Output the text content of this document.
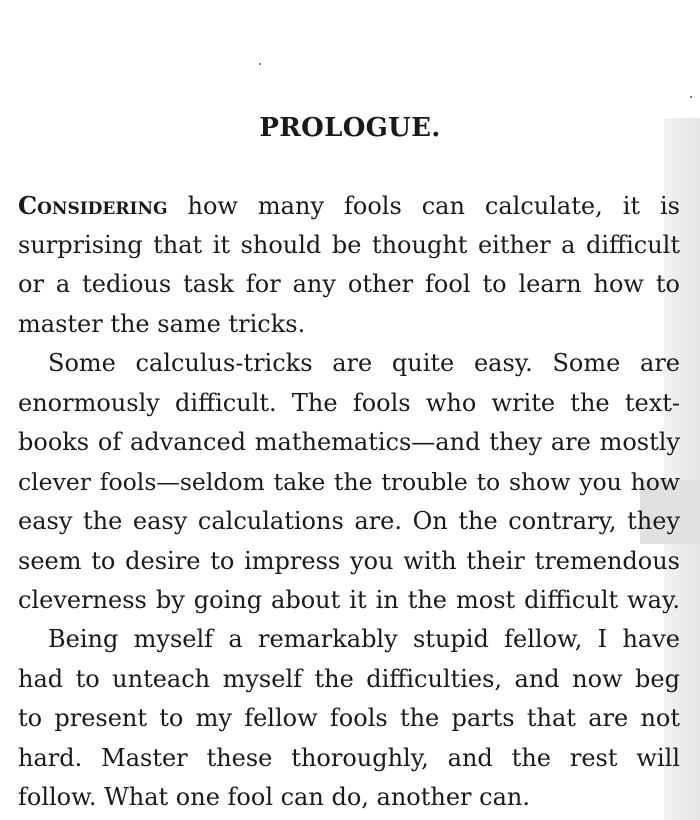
PROLOGUE.
Considering how many fools can calculate, it is
surprising that it should be thought either a difficult
or a tedious task for any other fool to learn how to
master the same tricks.
Some calculus-tricks are quite easy. Some are
enormously difficult. The fools who write the text-
books of advanced mathematics—and they are mostly
clever fools—seldom take the trouble to show you how
easy the easy calculations are. On the contrary, they
seem to desire to impress you with their tremendous
cleverness by going about it in the most difficult way.
Being myself a remarkably stupid fellow, I have
had to unteach myself the difficulties, and now beg
to present to my fellow fools the parts that are not
hard. Master these thoroughly, and the rest will
follow. What one fool can do, another can.
